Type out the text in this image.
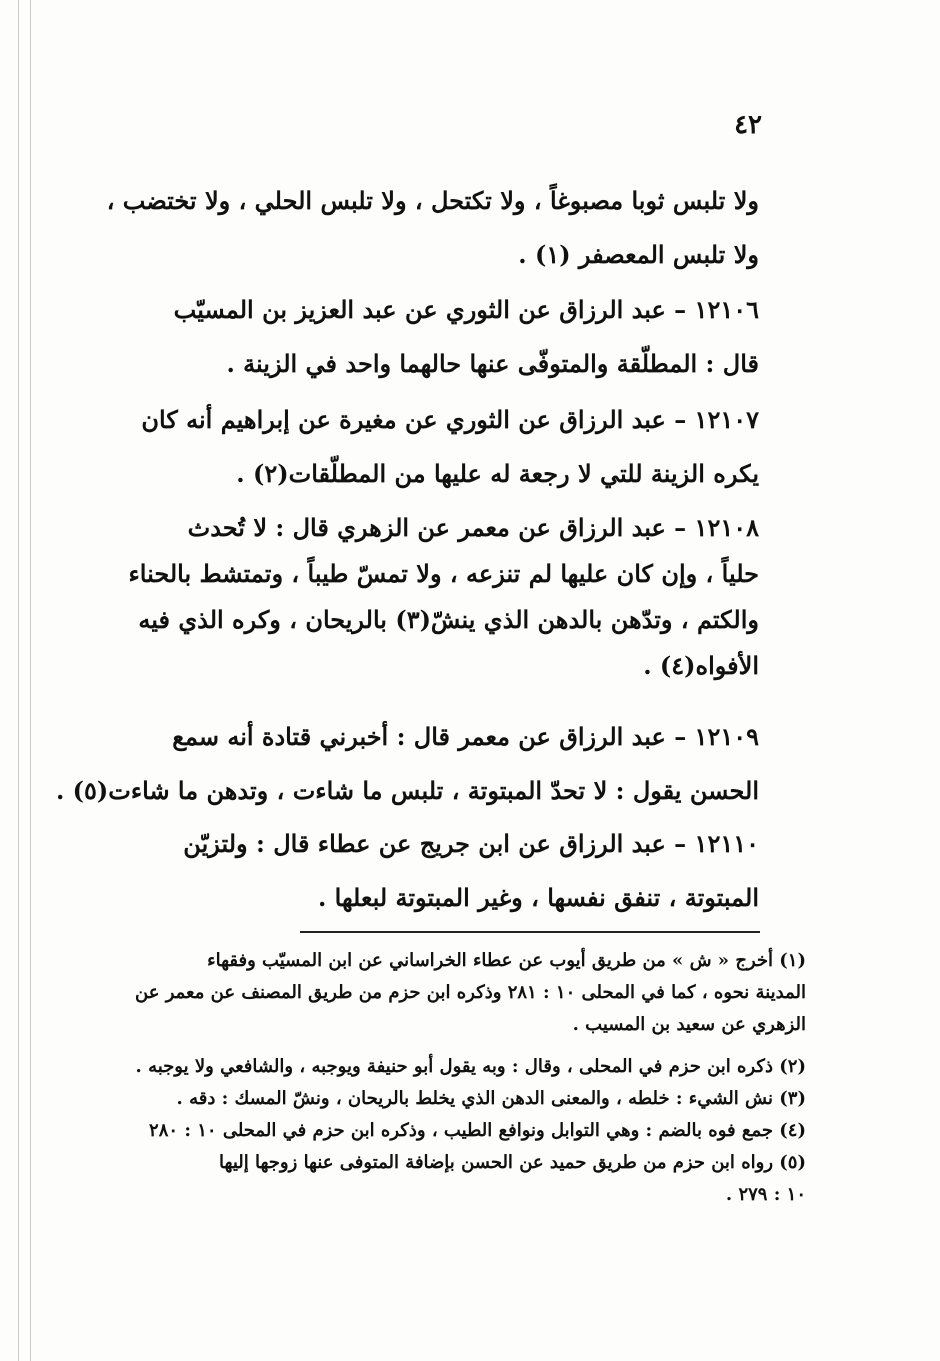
٤٢
ولا تلبس ثوبا مصبوغاً ، ولا تكتحل ، ولا تلبس الحلي ، ولا تختضب ،
ولا تلبس المعصفر (١) .
١٢١٠٦ – عبد الرزاق عن الثوري عن عبد العزيز بن المسيّب
قال : المطلّقة والمتوفّى عنها حالهما واحد في الزينة .
١٢١٠٧ – عبد الرزاق عن الثوري عن مغيرة عن إبراهيم أنه كان
يكره الزينة للتي لا رجعة له عليها من المطلّقات(٢) .
١٢١٠٨ – عبد الرزاق عن معمر عن الزهري قال : لا تُحدث
حلياً ، وإن كان عليها لم تنزعه ، ولا تمسّ طيباً ، وتمتشط بالحناء
والكتم ، وتدّهن بالدهن الذي ينشّ(٣) بالريحان ، وكره الذي فيه
الأفواه(٤) .
١٢١٠٩ – عبد الرزاق عن معمر قال : أخبرني قتادة أنه سمع
الحسن يقول : لا تحدّ المبتوتة ، تلبس ما شاءت ، وتدهن ما شاءت(٥) .
١٢١١٠ – عبد الرزاق عن ابن جريج عن عطاء قال : ولتزيّن
المبتوتة ، تنفق نفسها ، وغير المبتوتة لبعلها .
(١) أخرج « ش » من طريق أيوب عن عطاء الخراساني عن ابن المسيّب وفقهاء
المدينة نحوه ، كما في المحلى ١٠ : ٢٨١ وذكره ابن حزم من طريق المصنف عن معمر عن
الزهري عن سعيد بن المسيب .
(٢) ذكره ابن حزم في المحلى ، وقال : وبه يقول أبو حنيفة ويوجبه ، والشافعي ولا يوجبه .
(٣) نش الشيء : خلطه ، والمعنى الدهن الذي يخلط بالريحان ، ونشّ المسك : دقه .
(٤) جمع فوه بالضم : وهي التوابل ونوافع الطيب ، وذكره ابن حزم في المحلى ١٠ : ٢٨٠
(٥) رواه ابن حزم من طريق حميد عن الحسن بإضافة المتوفى عنها زوجها إليها
١٠ : ٢٧٩ .
